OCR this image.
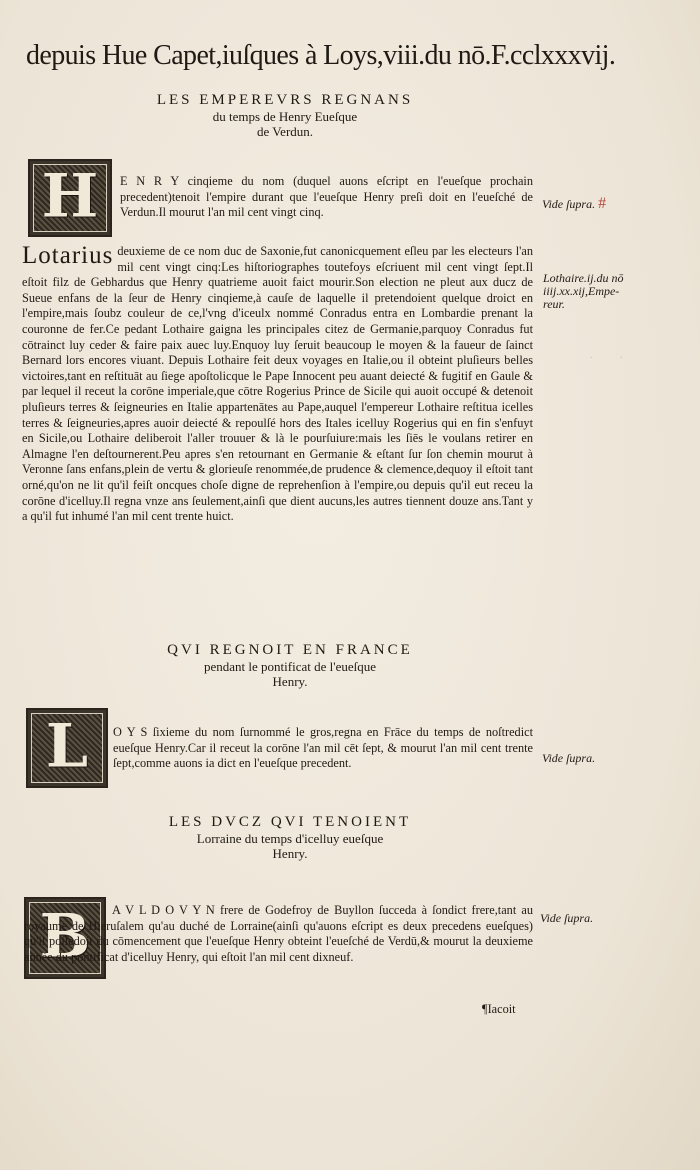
depuis Hue Capet,iuſques à Loys,viii.du nō.F.cclxxxvij.
LES EMPEREVRS REGNANS
du temps de Henry Eueſque
de Verdun.
H	E N R Y cinqieme du nom (duquel auons eſcript en l'eueſque prochain precedent)tenoit l'empire durant que l'eueſque Henry preſi doit en l'eueſché de Verdun.Il mourut l'an mil cent vingt cinq.
Vide ſupra. #
Lotarius deuxieme de ce nom duc de Saxonie,fut canonicquement eſleu par les electeurs l'an mil cent vingt cinq:Les hiſtoriographes toutefoys eſcriuent mil cent vingt ſept.Il eſtoit filz de Gebhardus que Henry quatrieme auoit faict mourir.Son election ne pleut aux ducz de Sueue enfans de la ſeur de Henry cinqieme,à cauſe de laquelle il pretendoient quelque droict en l'empire,mais ſoubz couleur de ce,l'vng d'iceulx nommé Conradus entra en Lombardie prenant la couronne de fer.Ce pedant Lothaire gaigna les principales citez de Germanie,parquoy Conradus fut cōtrainct luy ceder & faire paix auec luy.Enquoy luy ſeruit beaucoup le moyen & la faueur de ſainct Bernard lors encores viuant. Depuis Lothaire feit deux voyages en Italie,ou il obteint pluſieurs belles victoires,tant en reſtituāt au ſiege apoſtolicque le Pape Innocent peu auant deiecté & fugitif en Gaule & par lequel il receut la corōne imperiale,que cōtre Rogerius Prince de Sicile qui auoit occupé & detenoit pluſieurs terres & ſeigneuries en Italie appartenātes au Pape,auquel l'empereur Lothaire reſtitua icelles terres & ſeigneuries,apres auoir deiecté & repoulſé hors des Itales icelluy Rogerius qui en fin s'enfuyt en Sicile,ou Lothaire deliberoit l'aller trouuer & là le pourſuiure:mais les ſiēs le voulans retirer en Almagne l'en deſtournerent.Peu apres s'en retournant en Germanie & eſtant ſur ſon chemin mourut à Veronne ſans enfans,plein de vertu & glorieuſe renommée,de prudence & clemence,dequoy il eſtoit tant orné,qu'on ne lit qu'il feiſt oncques choſe digne de reprehenſion à l'empire,ou depuis qu'il eut receu la corōne d'icelluy.Il regna vnze ans ſeulement,ainſi que dient aucuns,les autres tiennent douze ans.Tant y a qu'il fut inhumé l'an mil cent trente huict.
Lothaire.ij.du nō
iiij.xx.xij,Empe-
reur.
QVI REGNOIT EN FRANCE
pendant le pontificat de l'eueſque
Henry.
L	O Y S ſixieme du nom ſurnommé le gros,regna en Frāce du temps de noſtredict eueſque Henry.Car il receut la corōne l'an mil cēt ſept, & mourut l'an mil cent trente ſept,comme auons ia dict en l'eueſque precedent.	Vide ſupra.
LES DVCZ QVI TENOIENT
Lorraine du temps d'icelluy eueſque
Henry.
B	A V L D O V Y N frere de Godefroy de Buyllon ſucceda à ſondict frere,tant au royaume de Hieruſalem qu'au duché de Lorraine(ainſi qu'auons eſcript es deux precedens eueſques) qu'il poſſedoit du cōmencement que l'eueſque Henry obteint l'eueſché de Verdū,& mourut la deuxieme année du pontificat d'icelluy Henry, qui eſtoit l'an mil cent dixneuf.
Vide ſupra.
¶Iacoit
.	.
